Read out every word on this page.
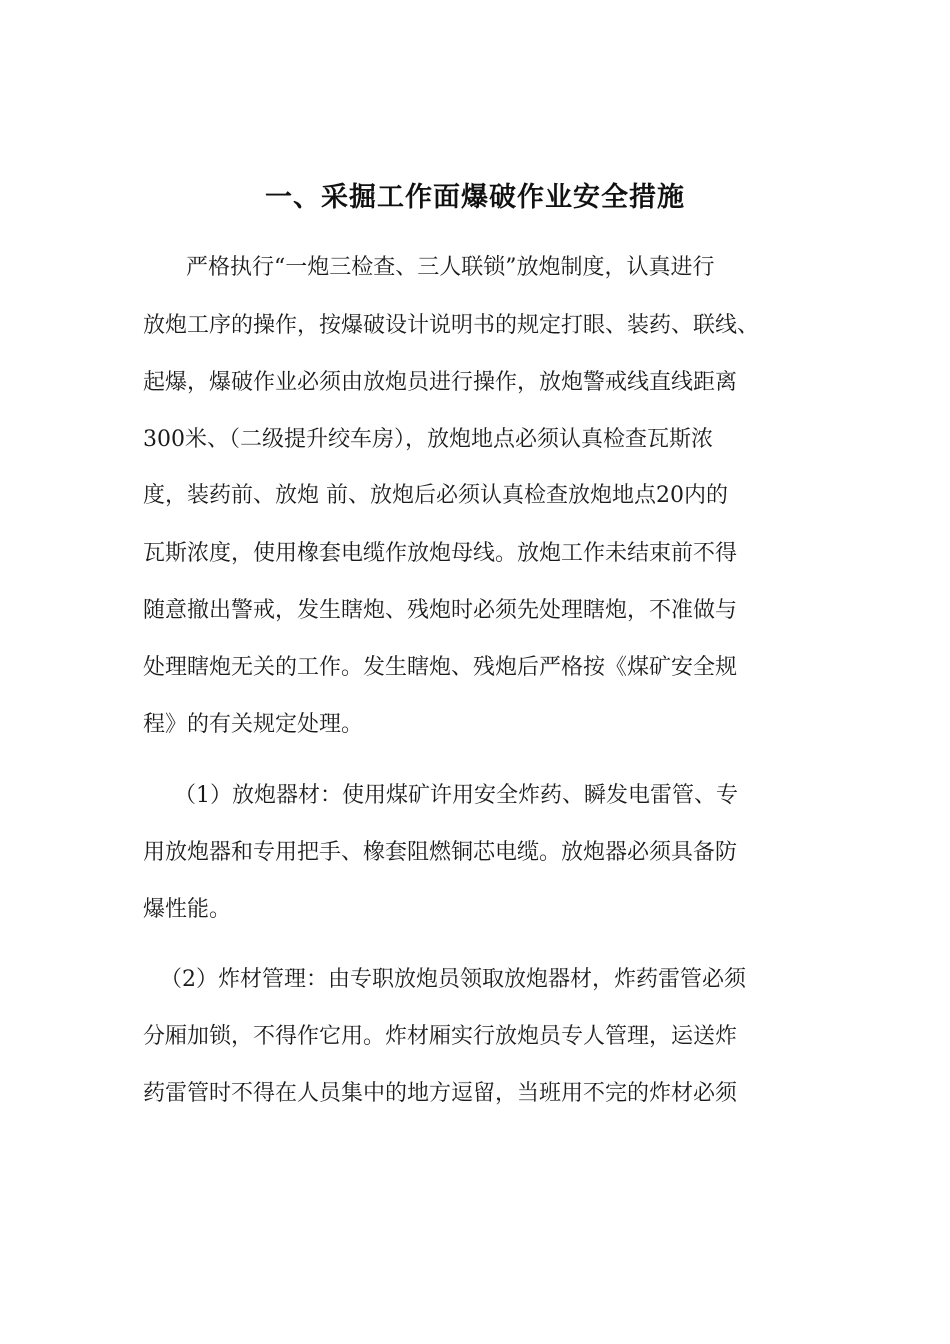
一、采掘工作面爆破作业安全措施
严格执行“一炮三检查、三人联锁”放炮制度，认真进行
放炮工序的操作，按爆破设计说明书的规定打眼、装药、联线、
起爆，爆破作业必须由放炮员进行操作，放炮警戒线直线距离
300米、（二级提升绞车房），放炮地点必须认真检查瓦斯浓
度，装药前、放炮 前、放炮后必须认真检查放炮地点20内的
瓦斯浓度，使用橡套电缆作放炮母线。放炮工作未结束前不得
随意撤出警戒，发生瞎炮、残炮时必须先处理瞎炮，不准做与
处理瞎炮无关的工作。发生瞎炮、残炮后严格按《煤矿安全规
程》的有关规定处理。
（1）放炮器材：使用煤矿许用安全炸药、瞬发电雷管、专
用放炮器和专用把手、橡套阻燃铜芯电缆。放炮器必须具备防
爆性能。
（2）炸材管理：由专职放炮员领取放炮器材，炸药雷管必须
分厢加锁，不得作它用。炸材厢实行放炮员专人管理，运送炸
药雷管时不得在人员集中的地方逗留，当班用不完的炸材必须
